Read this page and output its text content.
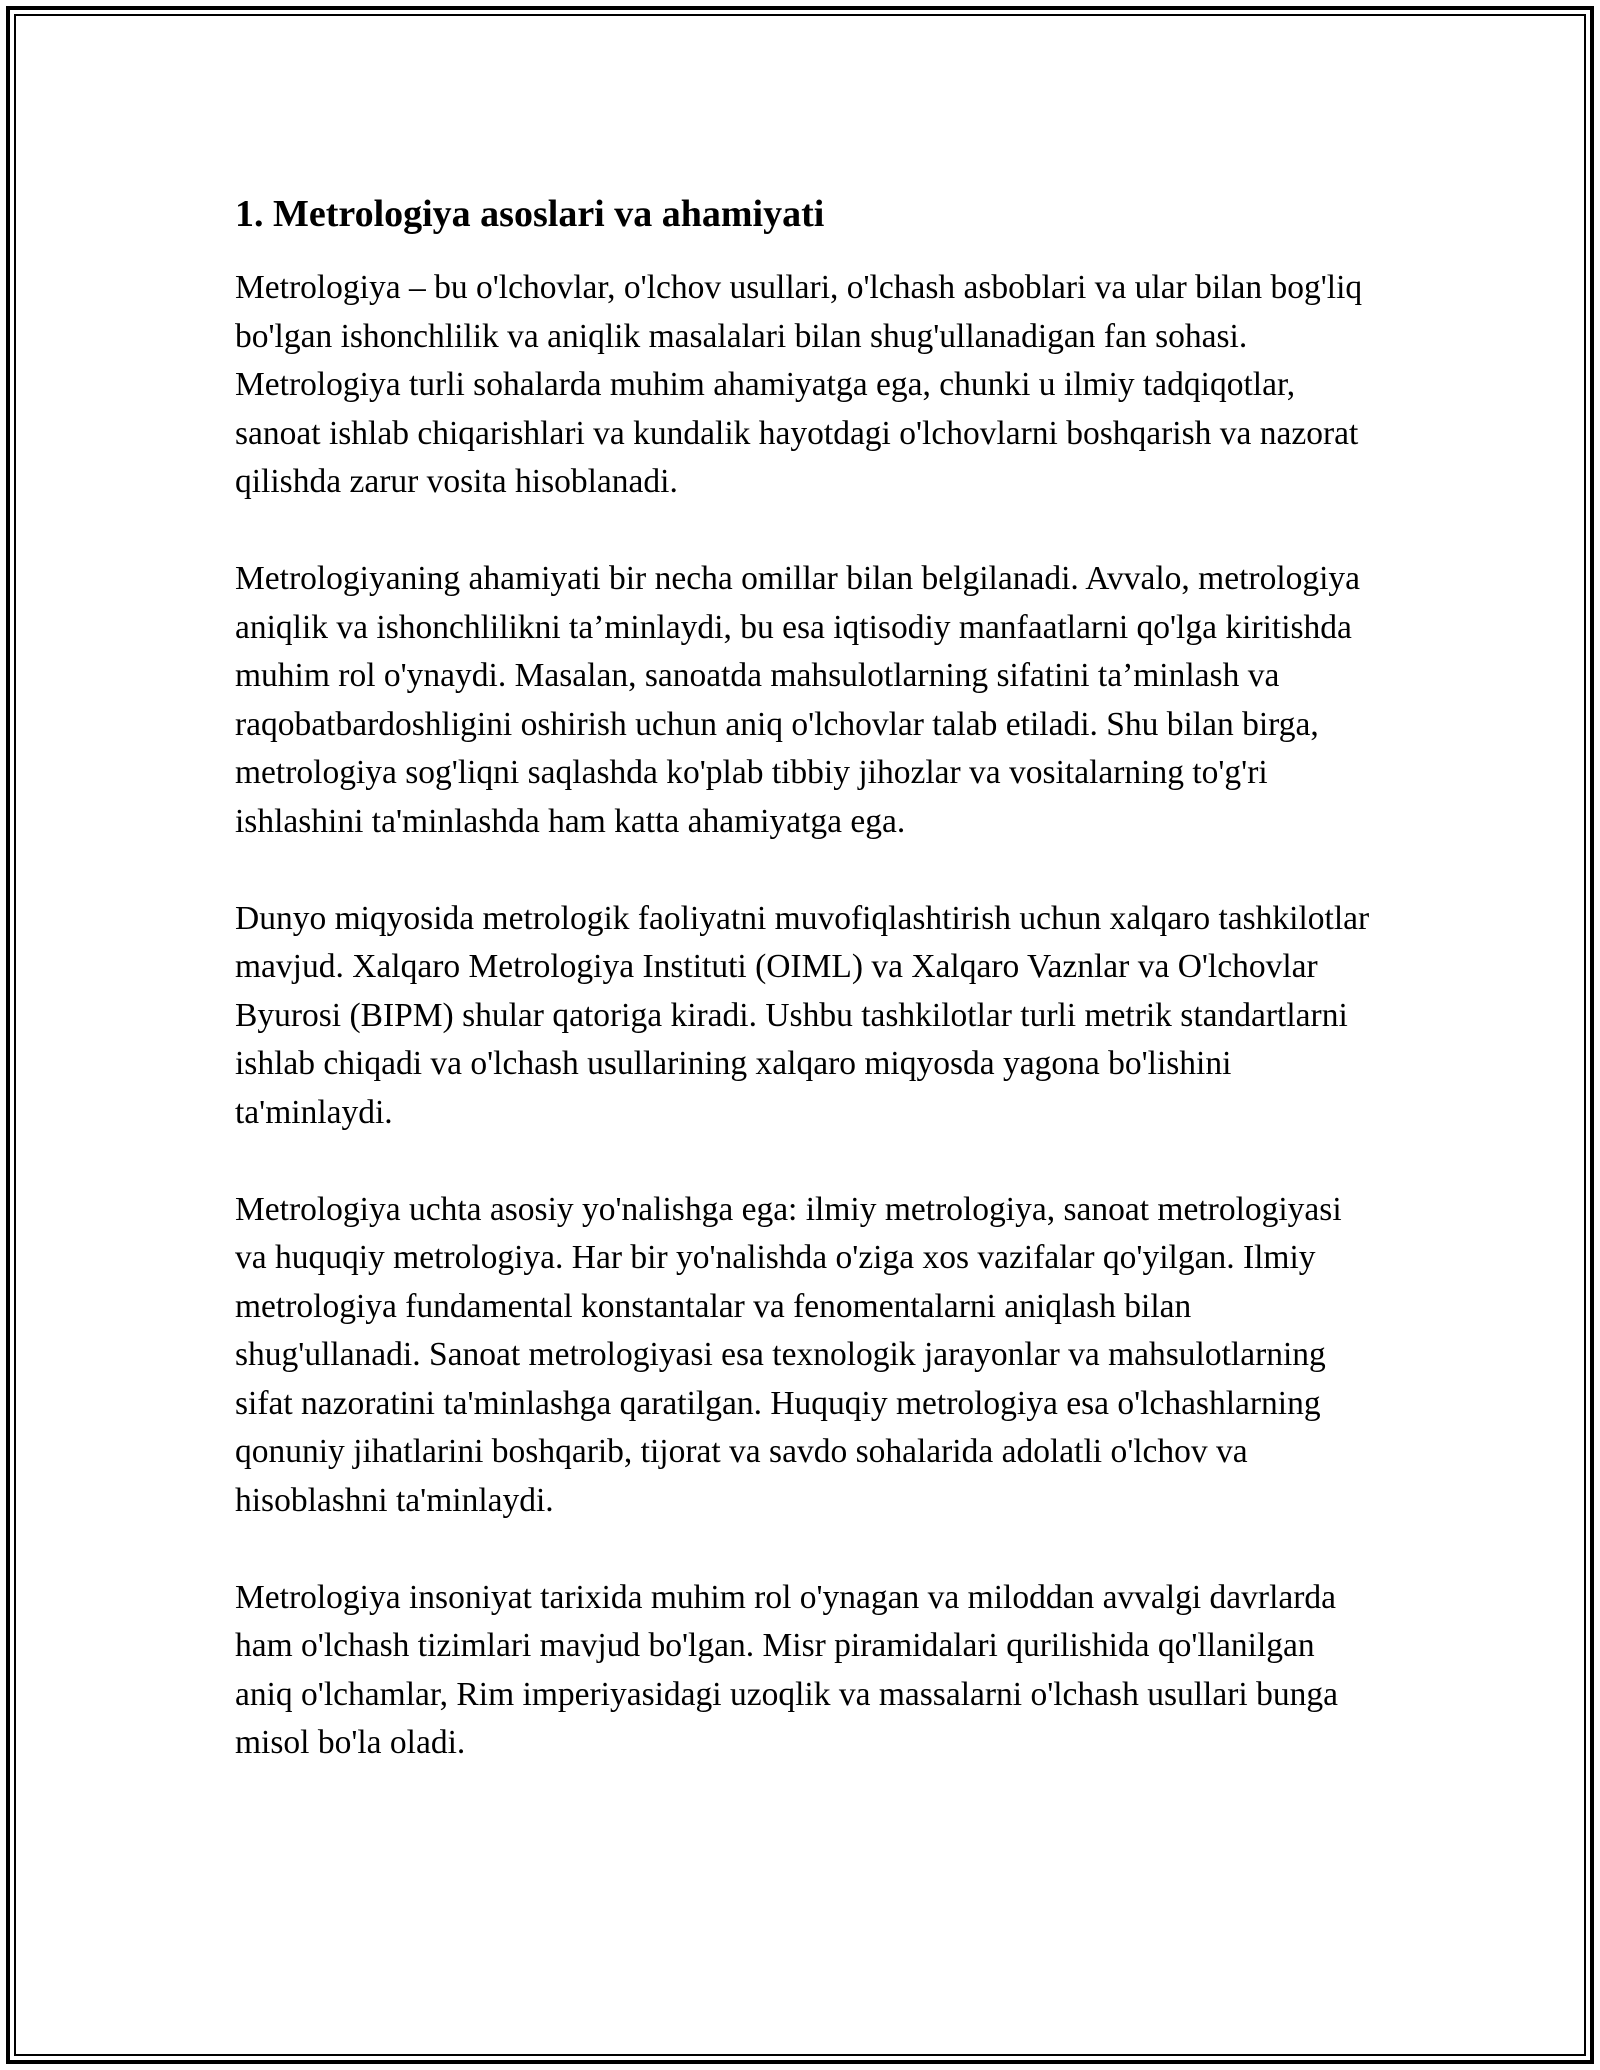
1. Metrologiya asoslari va ahamiyati

Metrologiya – bu o'lchovlar, o'lchov usullari, o'lchash asboblari va ular bilan bog'liq bo'lgan ishonchlilik va aniqlik masalalari bilan shug'ullanadigan fan sohasi. Metrologiya turli sohalarda muhim ahamiyatga ega, chunki u ilmiy tadqiqotlar, sanoat ishlab chiqarishlari va kundalik hayotdagi o'lchovlarni boshqarish va nazorat qilishda zarur vosita hisoblanadi.

Metrologiyaning ahamiyati bir necha omillar bilan belgilanadi. Avvalo, metrologiya aniqlik va ishonchlilikni ta’minlaydi, bu esa iqtisodiy manfaatlarni qo'lga kiritishda muhim rol o'ynaydi. Masalan, sanoatda mahsulotlarning sifatini ta’minlash va raqobatbardoshligini oshirish uchun aniq o'lchovlar talab etiladi. Shu bilan birga, metrologiya sog'liqni saqlashda ko'plab tibbiy jihozlar va vositalarning to'g'ri ishlashini ta'minlashda ham katta ahamiyatga ega.

Dunyo miqyosida metrologik faoliyatni muvofiqlashtirish uchun xalqaro tashkilotlar mavjud. Xalqaro Metrologiya Instituti (OIML) va Xalqaro Vaznlar va O'lchovlar Byurosi (BIPM) shular qatoriga kiradi. Ushbu tashkilotlar turli metrik standartlarni ishlab chiqadi va o'lchash usullarining xalqaro miqyosda yagona bo'lishini ta'minlaydi.

Metrologiya uchta asosiy yo'nalishga ega: ilmiy metrologiya, sanoat metrologiyasi va huquqiy metrologiya. Har bir yo'nalishda o'ziga xos vazifalar qo'yilgan. Ilmiy metrologiya fundamental konstantalar va fenomentalarni aniqlash bilan shug'ullanadi. Sanoat metrologiyasi esa texnologik jarayonlar va mahsulotlarning sifat nazoratini ta'minlashga qaratilgan. Huquqiy metrologiya esa o'lchashlarning qonuniy jihatlarini boshqarib, tijorat va savdo sohalarida adolatli o'lchov va hisoblashni ta'minlaydi.

Metrologiya insoniyat tarixida muhim rol o'ynagan va miloddan avvalgi davrlarda ham o'lchash tizimlari mavjud bo'lgan. Misr piramidalari qurilishida qo'llanilgan aniq o'lchamlar, Rim imperiyasidagi uzoqlik va massalarni o'lchash usullari bunga misol bo'la oladi.
